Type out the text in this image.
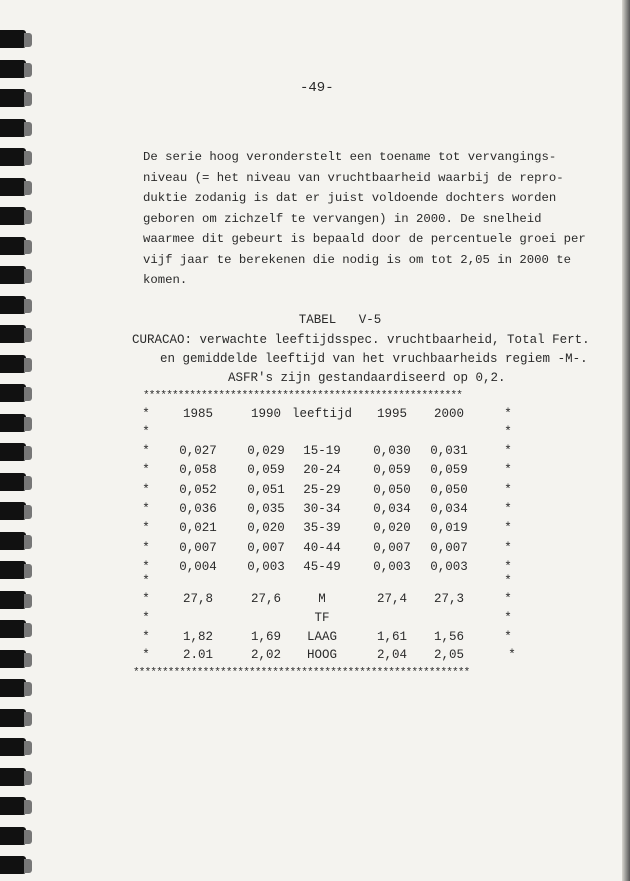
-49-
De serie hoog veronderstelt een toename tot vervangings-
niveau (= het niveau van vruchtbaarheid waarbij de repro-
duktie zodanig is dat er juist voldoende dochters worden
geboren om zichzelf te vervangen) in 2000. De snelheid
waarmee dit gebeurt is bepaald door de percentuele groei per
vijf jaar te berekenen die nodig is om tot 2,05 in 2000 te
komen.
TABEL   V-5
CURACAO: verwachte leeftijdsspec. vruchtbaarheid, Total Fert.
en gemiddelde leeftijd van het vruchbaarheids regiem -M-.
ASFR's zijn gestandaardiseerd op 0,2.
*******************************************************
**********************************************************
*	*
1985	1990 leeftijd 1995 2000
*	*
*	*
0,027 0,029 15-19	0,030 0,031
*	*
0,058 0,059 20-24	0,059 0,059
*	*
0,052 0,051 25-29	0,050 0,050
*	*
0,036 0,035 30-34	0,034 0,034
*	*
0,021 0,020 35-39	0,020 0,019
*	*
0,007 0,007 40-44	0,007 0,007
*	*
0,004 0,003 45-49	0,003 0,003
*	*
*	*
27,8	27,6	M	27,4 27,3
*	TF	*
*	*
1,82	1,69 LAAG	1,61 1,56
*	*
2.01	2,02 HOOG	2,04 2,05
